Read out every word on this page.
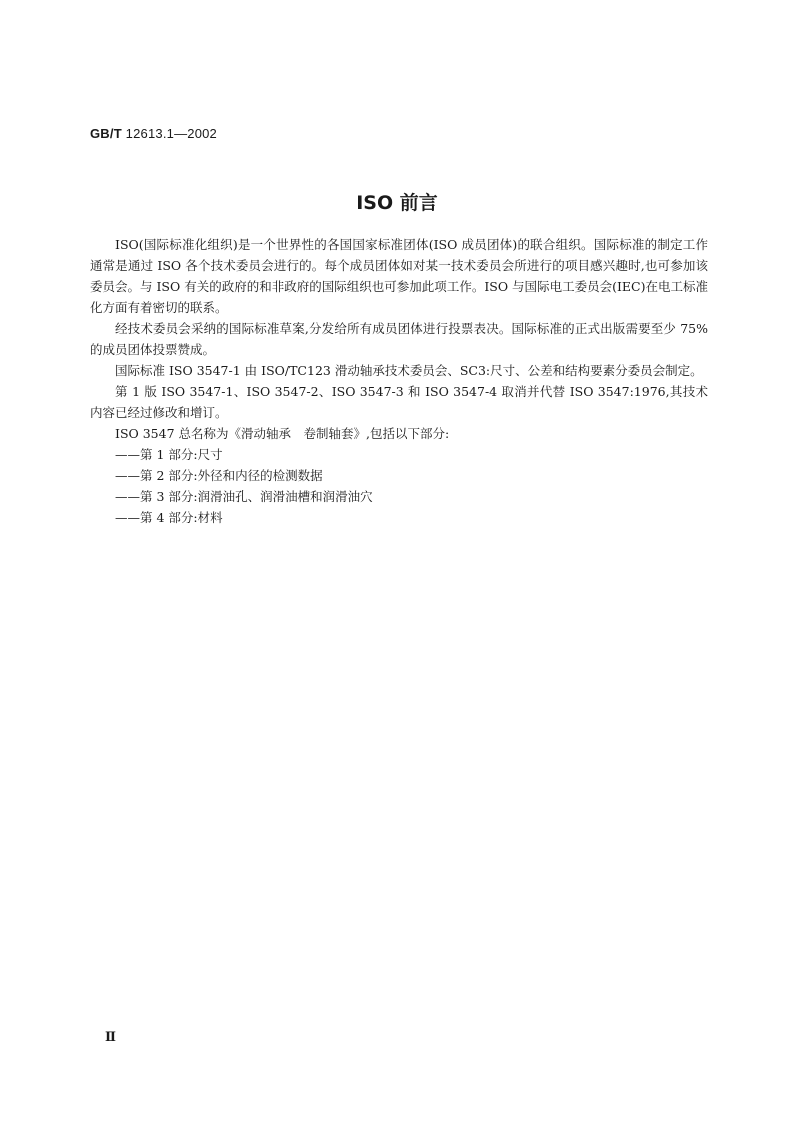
GB/T 12613.1—2002
ISO 前言

ISO(国际标准化组织)是一个世界性的各国国家标准团体(ISO 成员团体)的联合组织。国际标准的制定工作通常是通过 ISO 各个技术委员会进行的。每个成员团体如对某一技术委员会所进行的项目感兴趣时,也可参加该委员会。与 ISO 有关的政府的和非政府的国际组织也可参加此项工作。ISO 与国际电工委员会(IEC)在电工标准化方面有着密切的联系。

经技术委员会采纳的国际标准草案,分发给所有成员团体进行投票表决。国际标准的正式出版需要至少 75%的成员团体投票赞成。

国际标准 ISO 3547-1 由 ISO/TC123 滑动轴承技术委员会、SC3:尺寸、公差和结构要素分委员会制定。

第 1 版 ISO 3547-1、ISO 3547-2、ISO 3547-3 和 ISO 3547-4 取消并代替 ISO 3547:1976,其技术内容已经过修改和增订。

ISO 3547 总名称为《滑动轴承　卷制轴套》,包括以下部分:

——第 1 部分:尺寸

——第 2 部分:外径和内径的检测数据

——第 3 部分:润滑油孔、润滑油槽和润滑油穴

——第 4 部分:材料

Ⅱ
